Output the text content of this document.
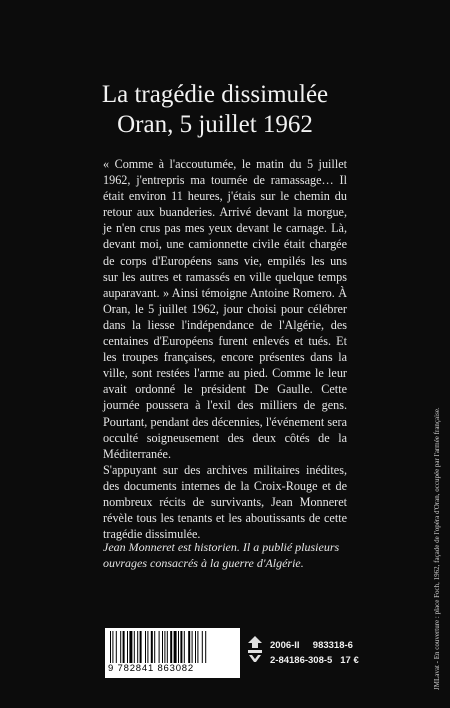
La tragédie dissimulée
Oran, 5 juillet 1962

« Comme à l'accoutumée, le matin du 5 juillet 1962, j'entrepris ma tournée de ramassage… Il était environ 11 heures, j'étais sur le chemin du retour aux buanderies. Arrivé devant la morgue, je n'en crus pas mes yeux devant le carnage. Là, devant moi, une camionnette civile était chargée de corps d'Européens sans vie, empilés les uns sur les autres et ramassés en ville quelque temps auparavant. » Ainsi témoigne Antoine Romero. À Oran, le 5 juillet 1962, jour choisi pour célébrer dans la liesse l'indépendance de l'Algérie, des centaines d'Européens furent enlevés et tués. Et les troupes françaises, encore présentes dans la ville, sont restées l'arme au pied. Comme le leur avait ordonné le président De Gaulle. Cette journée poussera à l'exil des milliers de gens. Pourtant, pendant des décennies, l'événement sera occulté soigneusement des deux côtés de la Méditerranée.

S'appuyant sur des archives militaires inédites, des documents internes de la Croix-Rouge et de nombreux récits de survivants, Jean Monneret révèle tous les tenants et les aboutissants de cette tragédie dissimulée.

Jean Monneret est historien. Il a publié plusieurs ouvrages consacrés à la guerre d'Algérie.
9 782841 863082
2006-II 983318-6
2-84186-308-5 17 €	JMLavat - En couverture : place Foch, 1962, façade de l'opéra d'Oran, occupée par l'armée française.
